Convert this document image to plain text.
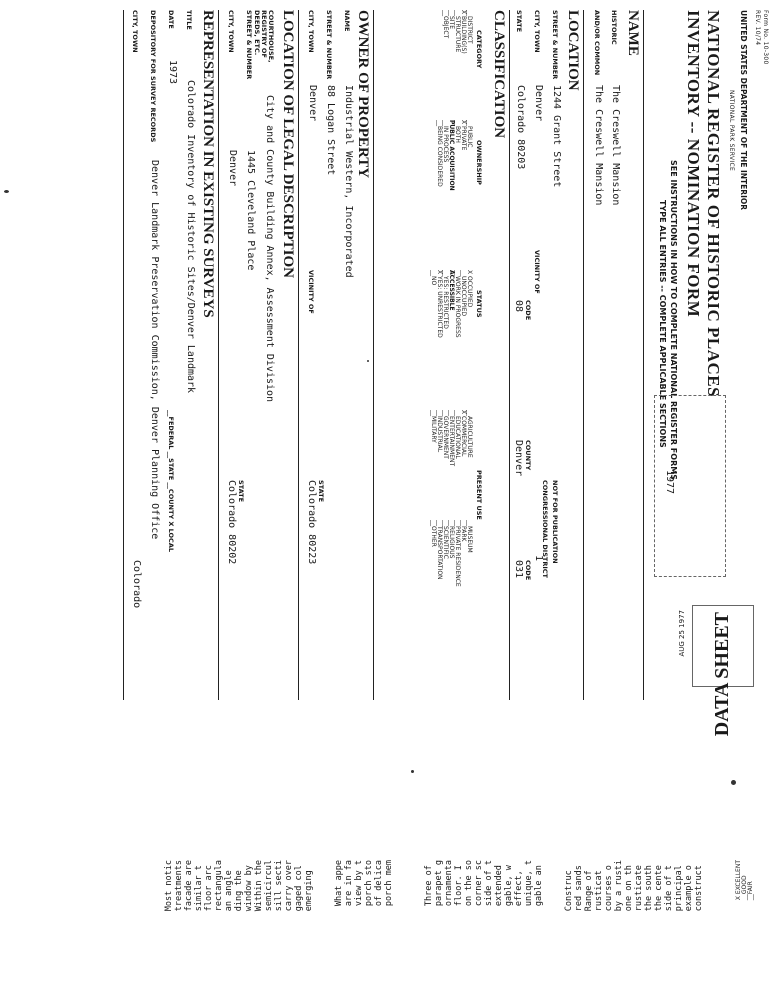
Form No. 10-300
REV. 10/74
UNITED STATES DEPARTMENT OF THE INTERIOR
NATIONAL PARK SERVICE
NATIONAL REGISTER OF HISTORIC PLACES
INVENTORY -- NOMINATION FORM
SEE INSTRUCTIONS IN HOW TO COMPLETE NATIONAL REGISTER FORMS
TYPE ALL ENTRIES -- COMPLETE APPLICABLE SECTIONS
1977
NAME
HISTORIC
The Creswell Mansion
AND/OR COMMON
The Creswell Mansion
LOCATION
STREET & NUMBER
1244 Grant Street
NOT FOR PUBLICATION
CITY, TOWN
Denver
VICINITY OF
CONGRESSIONAL DISTRICT
1
STATE
Colorado 80203
CODE
08
COUNTY
Denver
CODE
031
CLASSIFICATION
CATEGORY
OWNERSHIP
STATUS
PRESENT USE
__DISTRICT
X BUILDING(S)
__STRUCTURE
__SITE
__OBJECT
__PUBLIC
X PRIVATE
__BOTH
PUBLIC ACQUISITION
__IN PROCESS
__BEING CONSIDERED
X OCCUPIED
__UNOCCUPIED
__WORK IN PROGRESS
ACCESSIBLE
__YES: RESTRICTED
X YES: UNRESTRICTED
__NO
__AGRICULTURE
X COMMERCIAL
__EDUCATIONAL
__ENTERTAINMENT
__GOVERNMENT
__INDUSTRIAL
__MILITARY
__MUSEUM
__PARK
__PRIVATE RESIDENCE
__RELIGIOUS
__SCIENTIFIC
__TRANSPORTATION
__OTHER
OWNER OF PROPERTY
NAME
Industrial Western, Incorporated
STREET & NUMBER
88 Logan Street
CITY, TOWN
Denver
VICINITY OF
STATE
Colorado 80223
LOCATION OF LEGAL DESCRIPTION
COURTHOUSE, REGISTRY OF DEEDS, ETC.
City and County Building Annex, Assessment Division
STREET & NUMBER
1445 Cleveland Place
CITY, TOWN
Denver
STATE
Colorado 80202
REPRESENTATION IN EXISTING SURVEYS
TITLE
Colorado Inventory of Historic Sites/Denver Landmark
DATE
1973
__FEDERAL __STATE __COUNTY X LOCAL
DEPOSITORY FOR SURVEY RECORDS
Denver Landmark Preservation Commission, Denver Planning Office
CITY, TOWN
Colorado
DATA SHEET
AUG 25 1977
X EXCELLENT __GOOD __FAIR
Construc red sands Range of rusticat courses o by a rusti one on th rusticate the south the cente side of t principal example o construct
Three of parapet g ornamenta floor. I on the so corner sc side of t extended gable, w effect, unique, t gable an
What appe are in fa view by t porch sto of delica porch mem
Most notic treatments facade are similar t floor arc rectangula an angle ding the window by Within the semicircul sill secti carry over gaged col emerging
